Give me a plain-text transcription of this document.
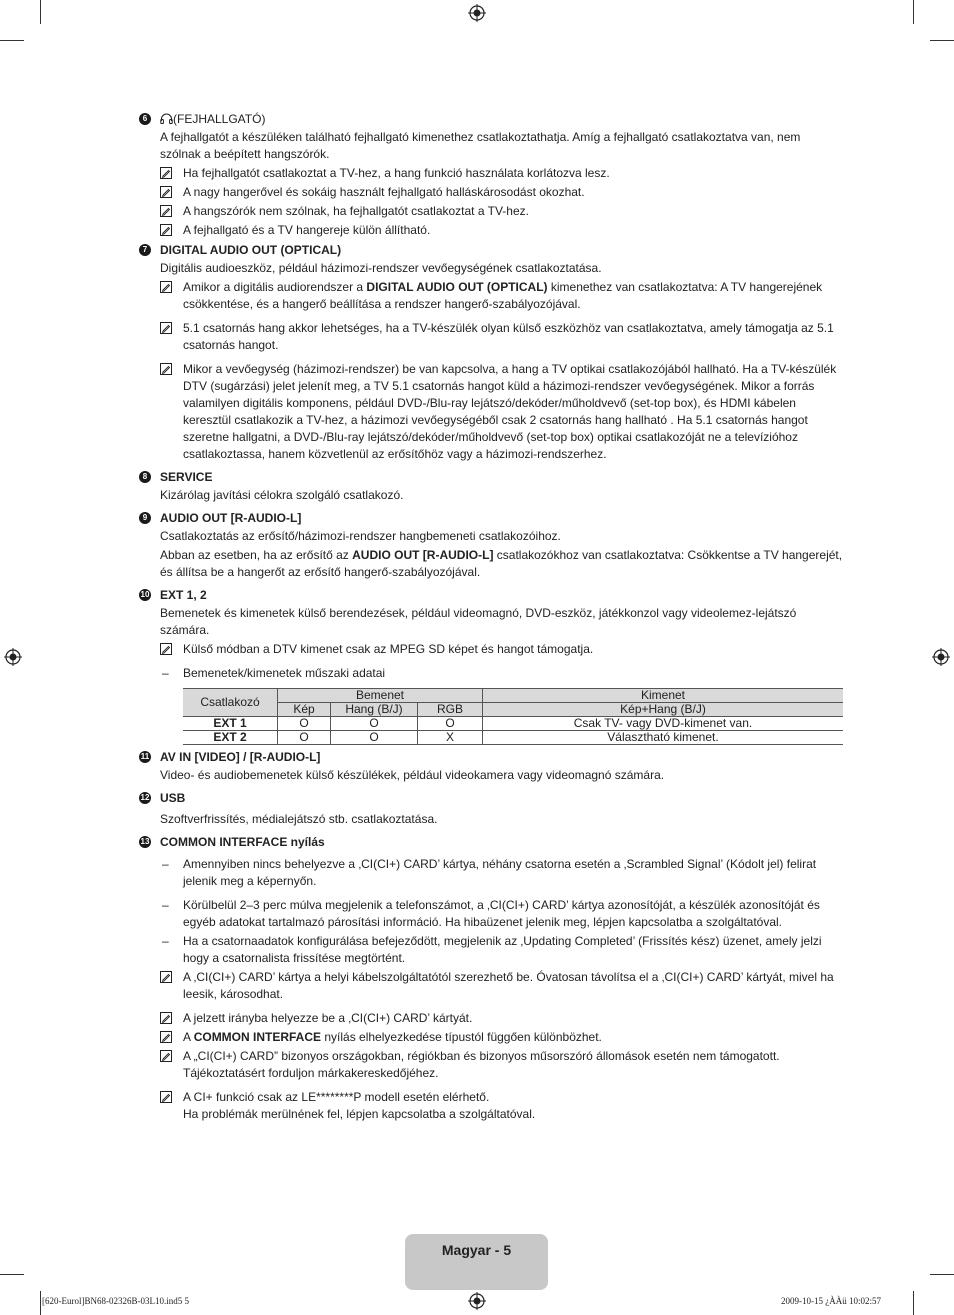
6	(FEJHALLGATÓ)
A fejhallgatót a készüléken található fejhallgató kimenethez csatlakoztathatja. Amíg a fejhallgató csatlakoztatva van, nem szólnak a beépített hangszórók.
Ha fejhallgatót csatlakoztat a TV-hez, a hang funkció használata korlátozva lesz.
A nagy hangerővel és sokáig használt fejhallgató halláskárosodást okozhat.
A hangszórók nem szólnak, ha fejhallgatót csatlakoztat a TV-hez.
A fejhallgató és a TV hangereje külön állítható.
7	DIGITAL AUDIO OUT (OPTICAL)
Digitális audioeszköz, például házimozi-rendszer vevőegységének csatlakoztatása.
Amikor a digitális audiorendszer a DIGITAL AUDIO OUT (OPTICAL) kimenethez van csatlakoztatva: A TV hangerejének csökkentése, és a hangerő beállítása a rendszer hangerő-szabályozójával.
5.1 csatornás hang akkor lehetséges, ha a TV-készülék olyan külső eszközhöz van csatlakoztatva, amely támogatja az 5.1 csatornás hangot.
Mikor a vevőegység (házimozi-rendszer) be van kapcsolva, a hang a TV optikai csatlakozójából hallható. Ha a TV-készülék DTV (sugárzási) jelet jelenít meg, a TV 5.1 csatornás hangot küld a házimozi-rendszer vevőegységének. Mikor a forrás valamilyen digitális komponens, például DVD-/Blu-ray lejátszó/dekóder/műholdvevő (set-top box), és HDMI kábelen keresztül csatlakozik a TV-hez, a házimozi vevőegységéből csak 2 csatornás hang hallható . Ha 5.1 csatornás hangot szeretne hallgatni, a DVD-/Blu-ray lejátszó/dekóder/műholdvevő (set-top box) optikai csatlakozóját ne a televízióhoz csatlakoztassa, hanem közvetlenül az erősítőhöz vagy a házimozi-rendszerhez.
8	SERVICE
Kizárólag javítási célokra szolgáló csatlakozó.
9	AUDIO OUT [R-AUDIO-L]
Csatlakoztatás az erősítő/házimozi-rendszer hangbemeneti csatlakozóihoz.
Abban az esetben, ha az erősítő az AUDIO OUT [R-AUDIO-L] csatlakozókhoz van csatlakoztatva: Csökkentse a TV hangerejét, és állítsa be a hangerőt az erősítő hangerő-szabályozójával.
10 EXT 1, 2
Bemenetek és kimenetek külső berendezések, például videomagnó, DVD-eszköz, játékkonzol vagy videolemez-lejátszó számára.
Külső módban a DTV kimenet csak az MPEG SD képet és hangot támogatja.
– Bemenetek/kimenetek műszaki adatai
Csatlakozó	Bemenet			Kimenet
	Kép	Hang (B/J)	RGB	Kép+Hang (B/J)
EXT 1	O	O	O	Csak TV- vagy DVD-kimenet van.
EXT 2	O	O	X	Választható kimenet.
11 AV IN [VIDEO] / [R-AUDIO-L]
Video- és audiobemenetek külső készülékek, például videokamera vagy videomagnó számára.
12 USB
Szoftverfrissítés, médialejátszó stb. csatlakoztatása.
13 COMMON INTERFACE nyílás
– Amennyiben nincs behelyezve a ‚CI(CI+) CARD’ kártya, néhány csatorna esetén a ‚Scrambled Signal’ (Kódolt jel) felirat jelenik meg a képernyőn.
– Körülbelül 2–3 perc múlva megjelenik a telefonszámot, a ‚CI(CI+) CARD’ kártya azonosítóját, a készülék azonosítóját és egyéb adatokat tartalmazó párosítási információ. Ha hibaüzenet jelenik meg, lépjen kapcsolatba a szolgáltatóval.
– Ha a csatornaadatok konfigurálása befejeződött, megjelenik az ‚Updating Completed’ (Frissítés kész) üzenet, amely jelzi hogy a csatornalista frissítése megtörtént.
A ‚CI(CI+) CARD’ kártya a helyi kábelszolgáltatótól szerezhető be. Óvatosan távolítsa el a ‚CI(CI+) CARD’ kártyát, mivel ha leesik, károsodhat.
A jelzett irányba helyezze be a ‚CI(CI+) CARD’ kártyát.
A COMMON INTERFACE nyílás elhelyezkedése típustól függően különbözhet.
A „CI(CI+) CARD” bizonyos országokban, régiókban és bizonyos műsorszóró állomások esetén nem támogatott. Tájékoztatásért forduljon márkakereskedőjéhez.
A CI+ funkció csak az LE********P modell esetén elérhető.
Ha problémák merülnének fel, lépjen kapcsolatba a szolgáltatóval.
Magyar - 5
[620-Eurol]BN68-02326B-03L10.ind5 5	2009-10-15 ¿ÀÀü 10:02:57
